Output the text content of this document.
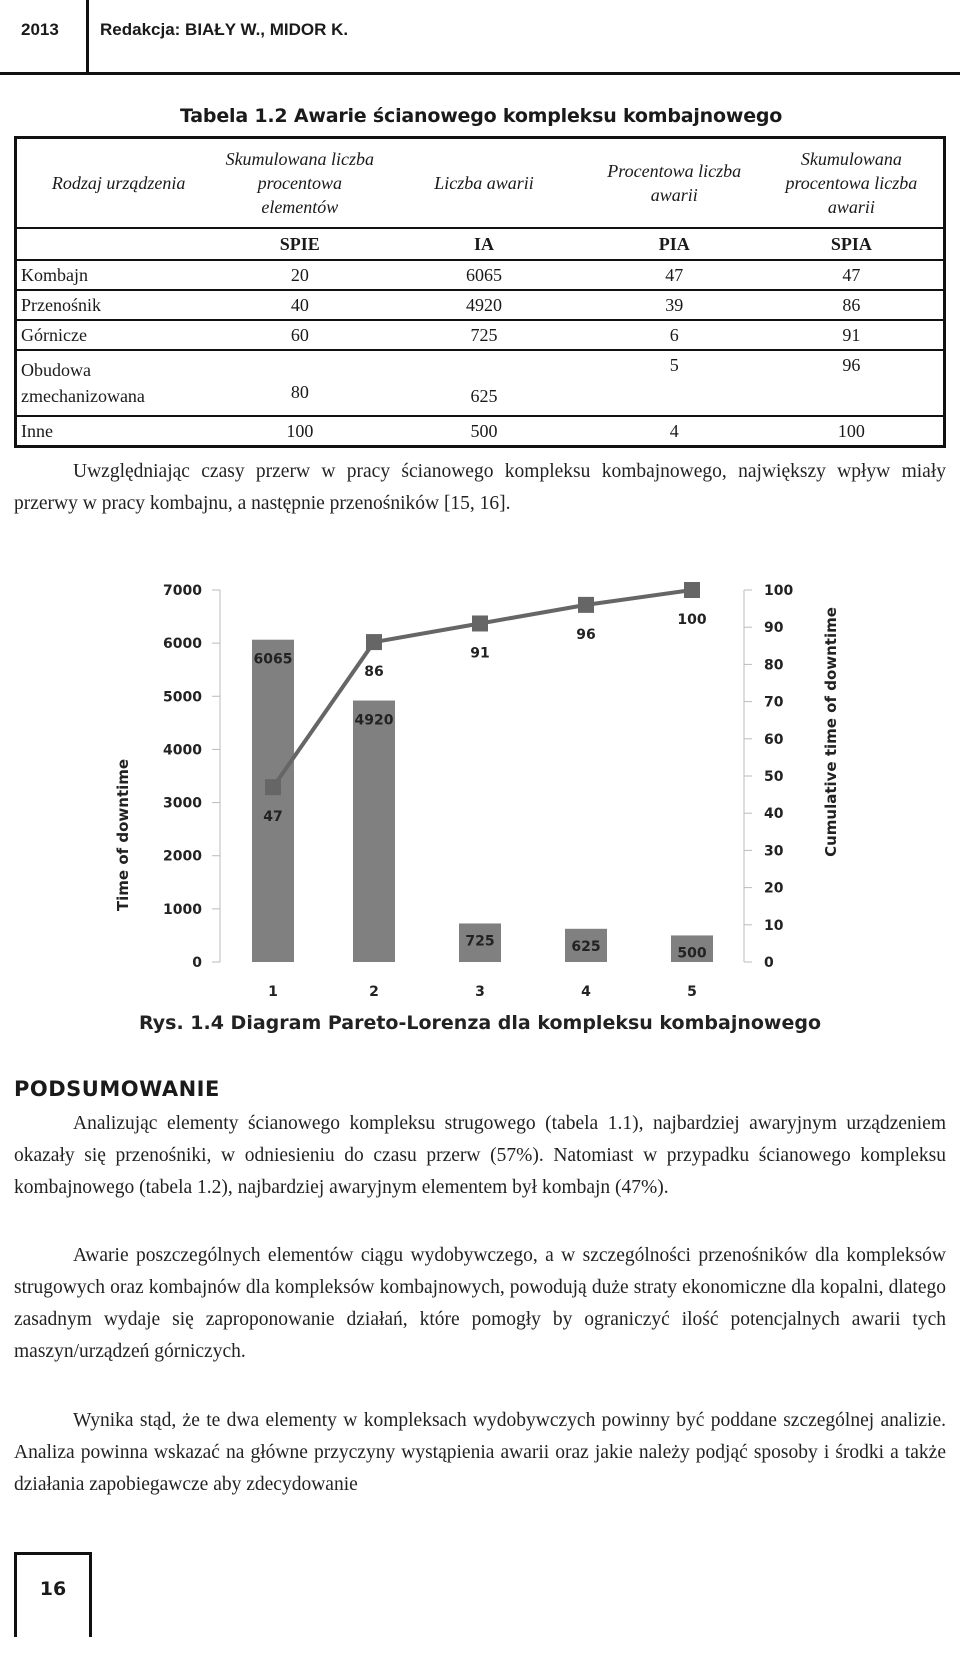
2013 Redakcja: BIAŁY W., MIDOR K.
Tabela 1.2 Awarie ścianowego kompleksu kombajnowego
Rodzaj urządzenia	Skumulowana liczba procentowa elementów	Liczba awarii	Procentowa liczba awarii	Skumulowana procentowa liczba awarii
	SPIE	IA	PIA	SPIA
Kombajn	20	6065	47	47
Przenośnik	40	4920	39	86
Górnicze	60	725	6	91
Obudowa
zmechanizowana	80	625	5	96
Inne	100	500	4	100
Uwzględniając czasy przerw w pracy ścianowego kompleksu kombajnowego, największy wpływ miały przerwy w pracy kombajnu, a następnie przenośników [15, 16].
0
1000
2000
3000
4000
5000
6000
7000
0
10
20
30
40
50
60
70
80
90
100
6065
4920
725	625	500
1	2	3	4	5
47
86
91
96
100
Time of downtime	Cumulative time of downtime
Rys. 1.4 Diagram Pareto-Lorenza dla kompleksu kombajnowego
PODSUMOWANIE
Analizując elementy ścianowego kompleksu strugowego (tabela 1.1), najbardziej awaryjnym urządzeniem okazały się przenośniki, w odniesieniu do czasu przerw (57%). Natomiast w przypadku ścianowego kompleksu kombajnowego (tabela 1.2), najbardziej awaryjnym elementem był kombajn (47%).
Awarie poszczególnych elementów ciągu wydobywczego, a w szczególności przenośników dla kompleksów strugowych oraz kombajnów dla kompleksów kombajnowych, powodują duże straty ekonomiczne dla kopalni, dlatego zasadnym wydaje się zaproponowanie działań, które pomogły by ograniczyć ilość potencjalnych awarii tych maszyn/urządzeń górniczych.
Wynika stąd, że te dwa elementy w kompleksach wydobywczych powinny być poddane szczególnej analizie. Analiza powinna wskazać na główne przyczyny wystąpienia awarii oraz jakie należy podjąć sposoby i środki a także działania zapobiegawcze aby zdecydowanie
16
